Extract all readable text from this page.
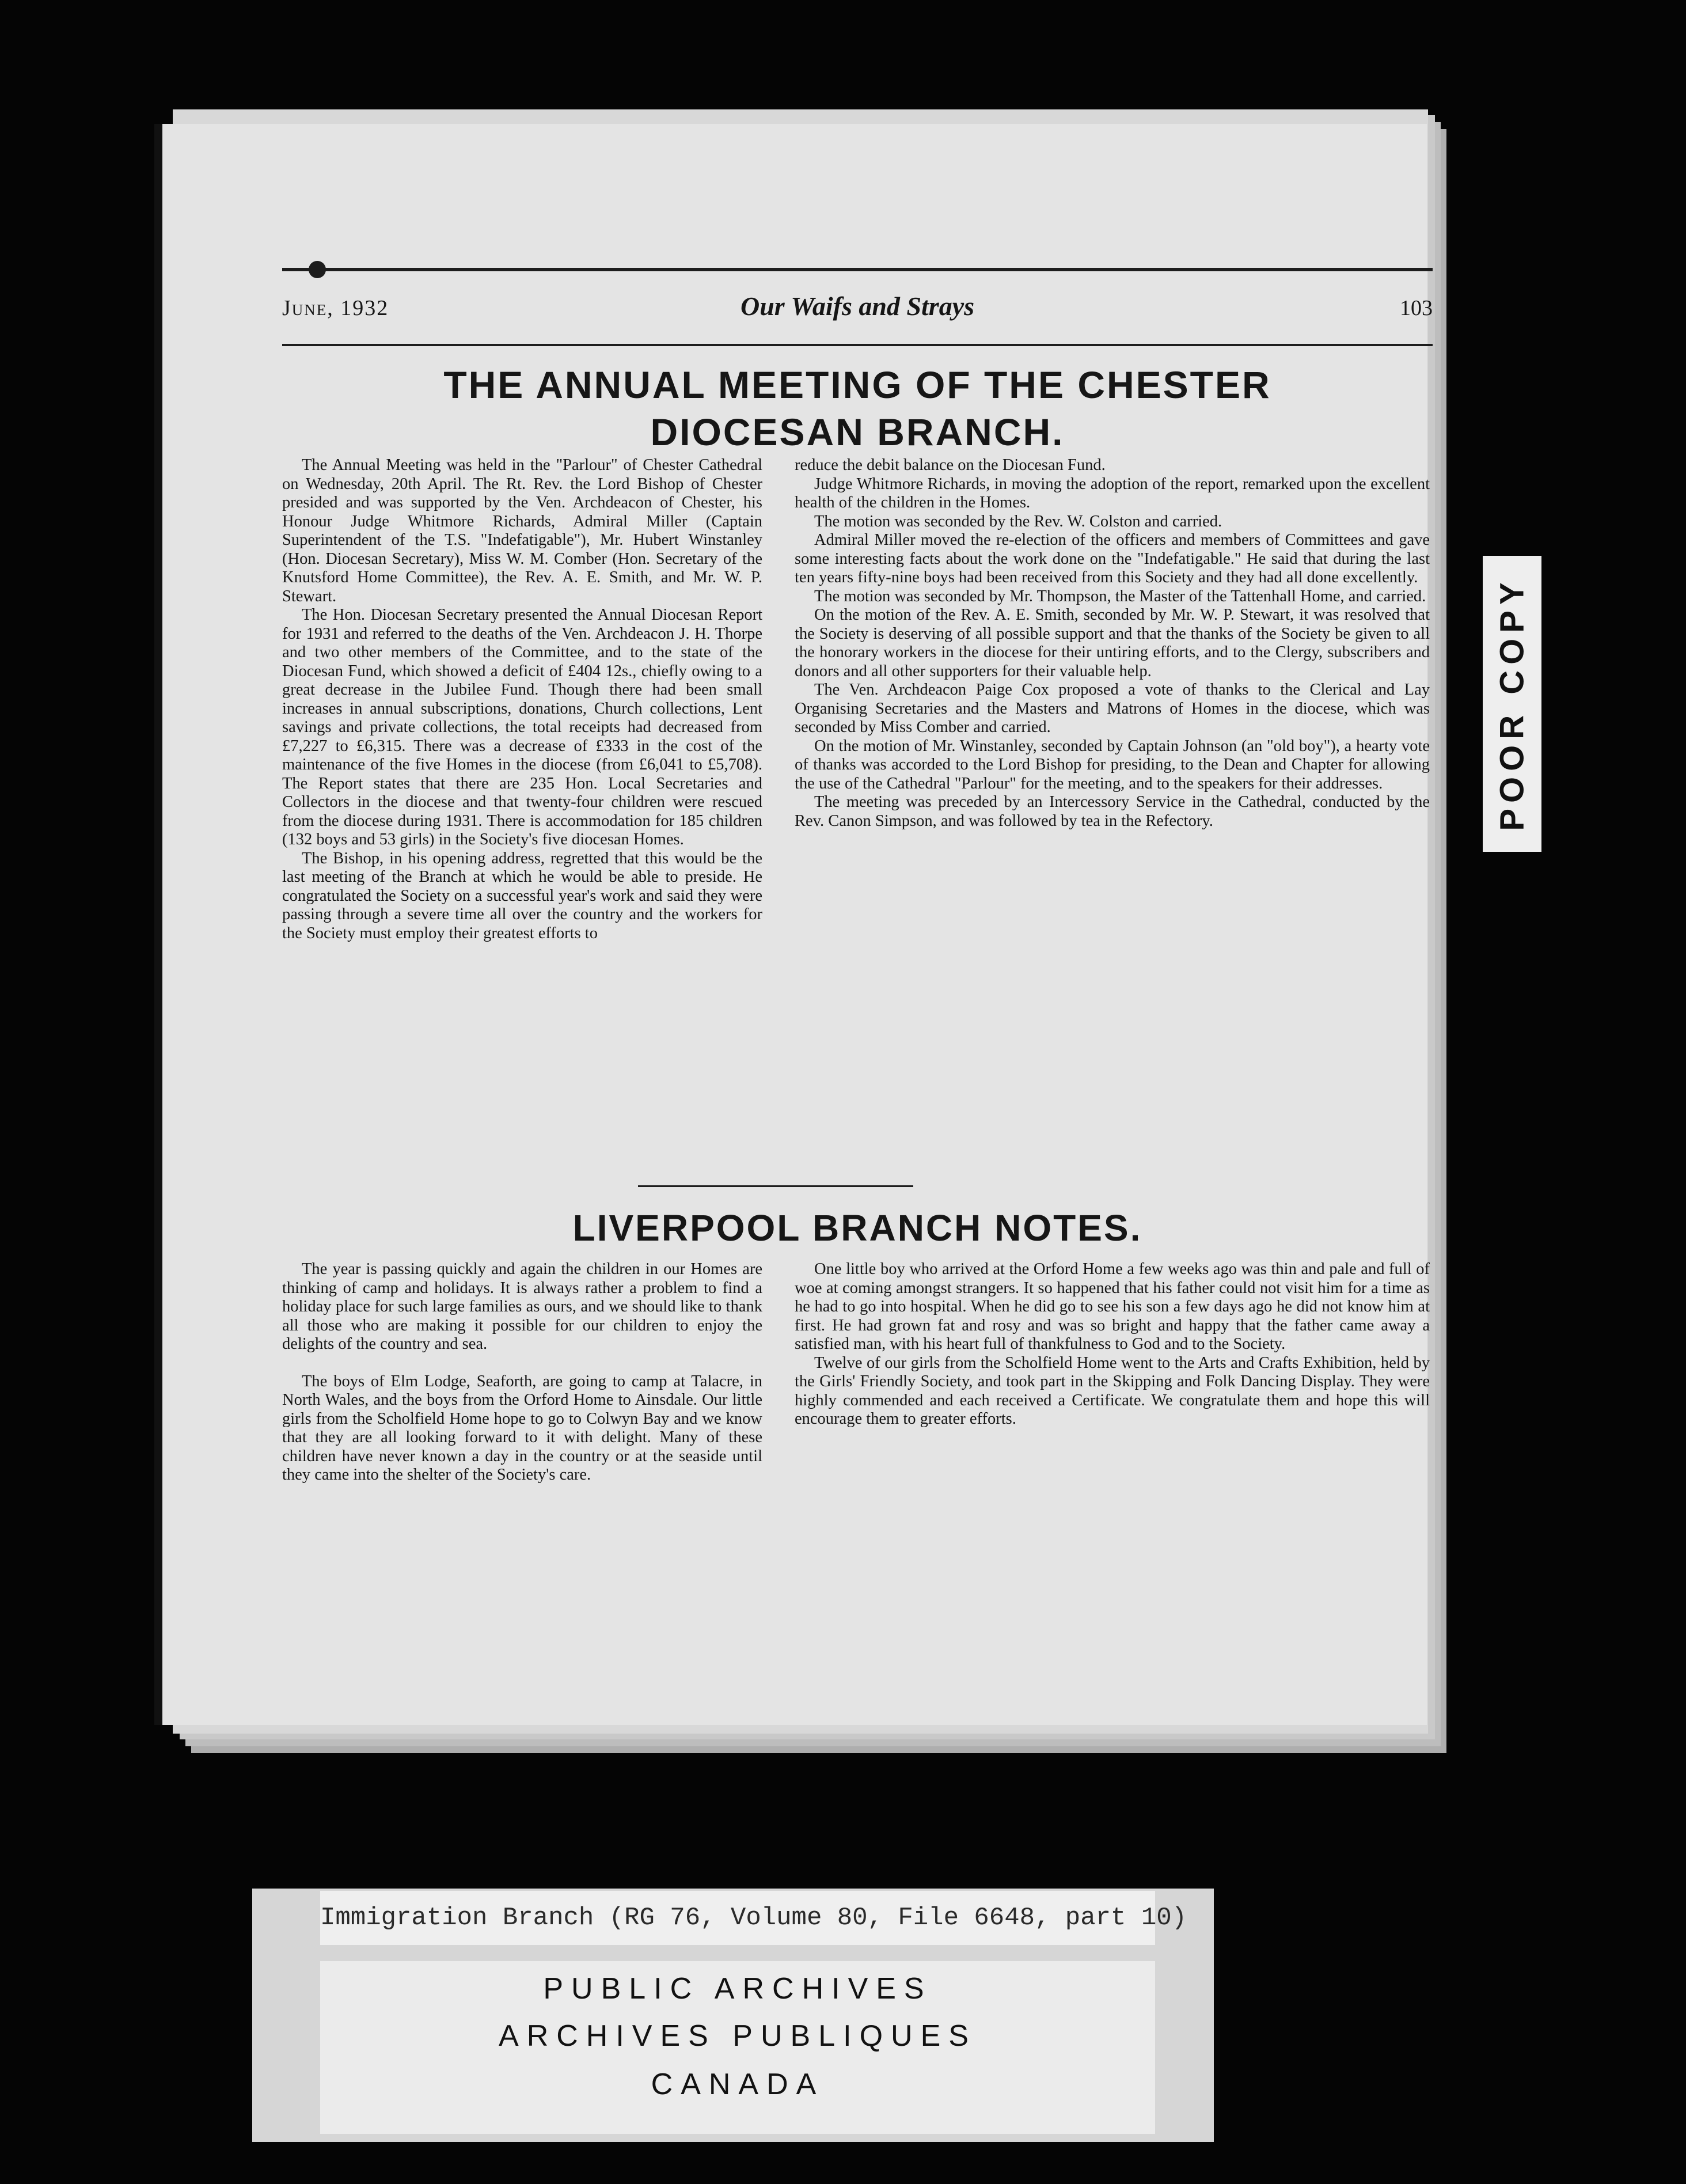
June, 1932	Our Waifs and Strays	103
THE ANNUAL MEETING OF THE CHESTER
DIOCESAN BRANCH.

The Annual Meeting was held in the "Parlour" of Chester Cathedral on Wednesday, 20th April. The Rt. Rev. the Lord Bishop of Chester presided and was supported by the Ven. Archdeacon of Chester, his Honour Judge Whitmore Richards, Admiral Miller (Captain Superintendent of the T.S. "Indefatigable"), Mr. Hubert Winstanley (Hon. Diocesan Secretary), Miss W. M. Comber (Hon. Secretary of the Knutsford Home Committee), the Rev. A. E. Smith, and Mr. W. P. Stewart.

The Hon. Diocesan Secretary presented the Annual Diocesan Report for 1931 and referred to the deaths of the Ven. Archdeacon J. H. Thorpe and two other members of the Committee, and to the state of the Diocesan Fund, which showed a deficit of £404 12s., chiefly owing to a great decrease in the Jubilee Fund. Though there had been small increases in annual subscriptions, donations, Church collections, Lent savings and private collections, the total receipts had decreased from £7,227 to £6,315. There was a decrease of £333 in the cost of the maintenance of the five Homes in the diocese (from £6,041 to £5,708). The Report states that there are 235 Hon. Local Secretaries and Collectors in the diocese and that twenty-four children were rescued from the diocese during 1931. There is accommodation for 185 children (132 boys and 53 girls) in the Society's five diocesan Homes.

The Bishop, in his opening address, regretted that this would be the last meeting of the Branch at which he would be able to preside. He congratulated the Society on a successful year's work and said they were passing through a severe time all over the country and the workers for the Society must employ their greatest efforts to

reduce the debit balance on the Diocesan Fund.

Judge Whitmore Richards, in moving the adoption of the report, remarked upon the excellent health of the children in the Homes.

The motion was seconded by the Rev. W. Colston and carried.

Admiral Miller moved the re-election of the officers and members of Committees and gave some interesting facts about the work done on the "Indefatigable." He said that during the last ten years fifty-nine boys had been received from this Society and they had all done excellently.

The motion was seconded by Mr. Thompson, the Master of the Tattenhall Home, and carried.

On the motion of the Rev. A. E. Smith, seconded by Mr. W. P. Stewart, it was resolved that the Society is deserving of all possible support and that the thanks of the Society be given to all the honorary workers in the diocese for their untiring efforts, and to the Clergy, subscribers and donors and all other supporters for their valuable help.

The Ven. Archdeacon Paige Cox proposed a vote of thanks to the Clerical and Lay Organising Secretaries and the Masters and Matrons of Homes in the diocese, which was seconded by Miss Comber and carried.

On the motion of Mr. Winstanley, seconded by Captain Johnson (an "old boy"), a hearty vote of thanks was accorded to the Lord Bishop for presiding, to the Dean and Chapter for allowing the use of the Cathedral "Parlour" for the meeting, and to the speakers for their addresses.

The meeting was preceded by an Intercessory Service in the Cathedral, conducted by the Rev. Canon Simpson, and was followed by tea in the Refectory.

LIVERPOOL BRANCH NOTES.

The year is passing quickly and again the children in our Homes are thinking of camp and holidays. It is always rather a problem to find a holiday place for such large families as ours, and we should like to thank all those who are making it possible for our children to enjoy the delights of the country and sea.

The boys of Elm Lodge, Seaforth, are going to camp at Talacre, in North Wales, and the boys from the Orford Home to Ainsdale. Our little girls from the Scholfield Home hope to go to Colwyn Bay and we know that they are all looking forward to it with delight. Many of these children have never known a day in the country or at the seaside until they came into the shelter of the Society's care.

One little boy who arrived at the Orford Home a few weeks ago was thin and pale and full of woe at coming amongst strangers. It so happened that his father could not visit him for a time as he had to go into hospital. When he did go to see his son a few days ago he did not know him at first. He had grown fat and rosy and was so bright and happy that the father came away a satisfied man, with his heart full of thankfulness to God and to the Society.

Twelve of our girls from the Scholfield Home went to the Arts and Crafts Exhibition, held by the Girls' Friendly Society, and took part in the Skipping and Folk Dancing Display. They were highly commended and each received a Certificate. We congratulate them and hope this will encourage them to greater efforts.

POOR COPY
Immigration Branch (RG 76, Volume 80, File 6648, part 10)
PUBLIC ARCHIVES
ARCHIVES PUBLIQUES
CANADA
